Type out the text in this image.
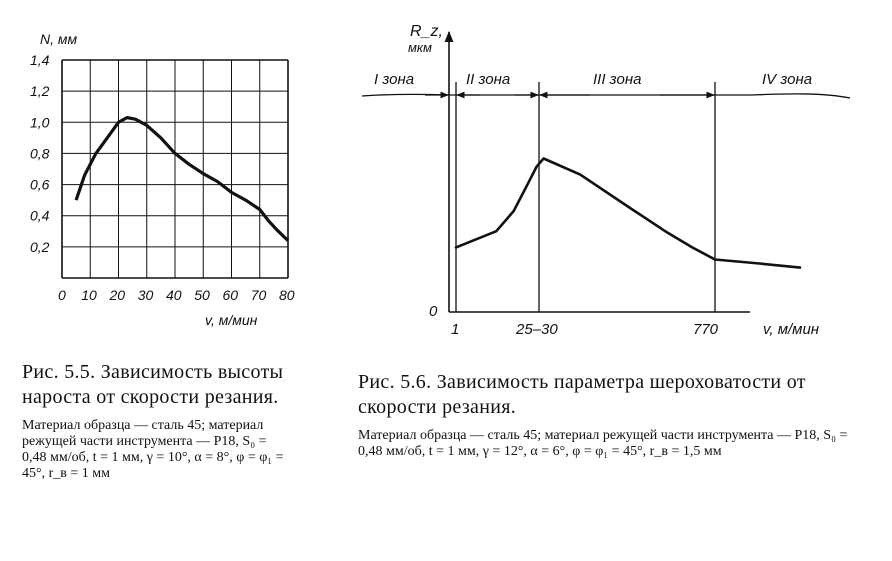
0 10 20 30 40 50 60 70 80
0,2
0,4
0,6
0,8
1,0
1,2
1,4
N, мм
v, м/мин
Рис. 5.5. Зависимость высоты нароста от скорости резания.
Материал образца — сталь 45; материал режущей части инструмента — Р18, S₀ = 0,48 мм/об, t = 1 мм, γ = 10°, α = 8°, φ = φ₁ = 45°, r_в = 1 мм
I зона	II зона	III зона	IV зона
R_z,
мкм
0
1	25–30	770	v, м/мин
Рис. 5.6. Зависимость параметра шероховатости от скорости резания.
Материал образца — сталь 45; материал режущей части инструмента — Р18, S₀ = 0,48 мм/об, t = 1 мм, γ = 12°, α = 6°, φ = φ₁ = 45°, r_в = 1,5 мм
